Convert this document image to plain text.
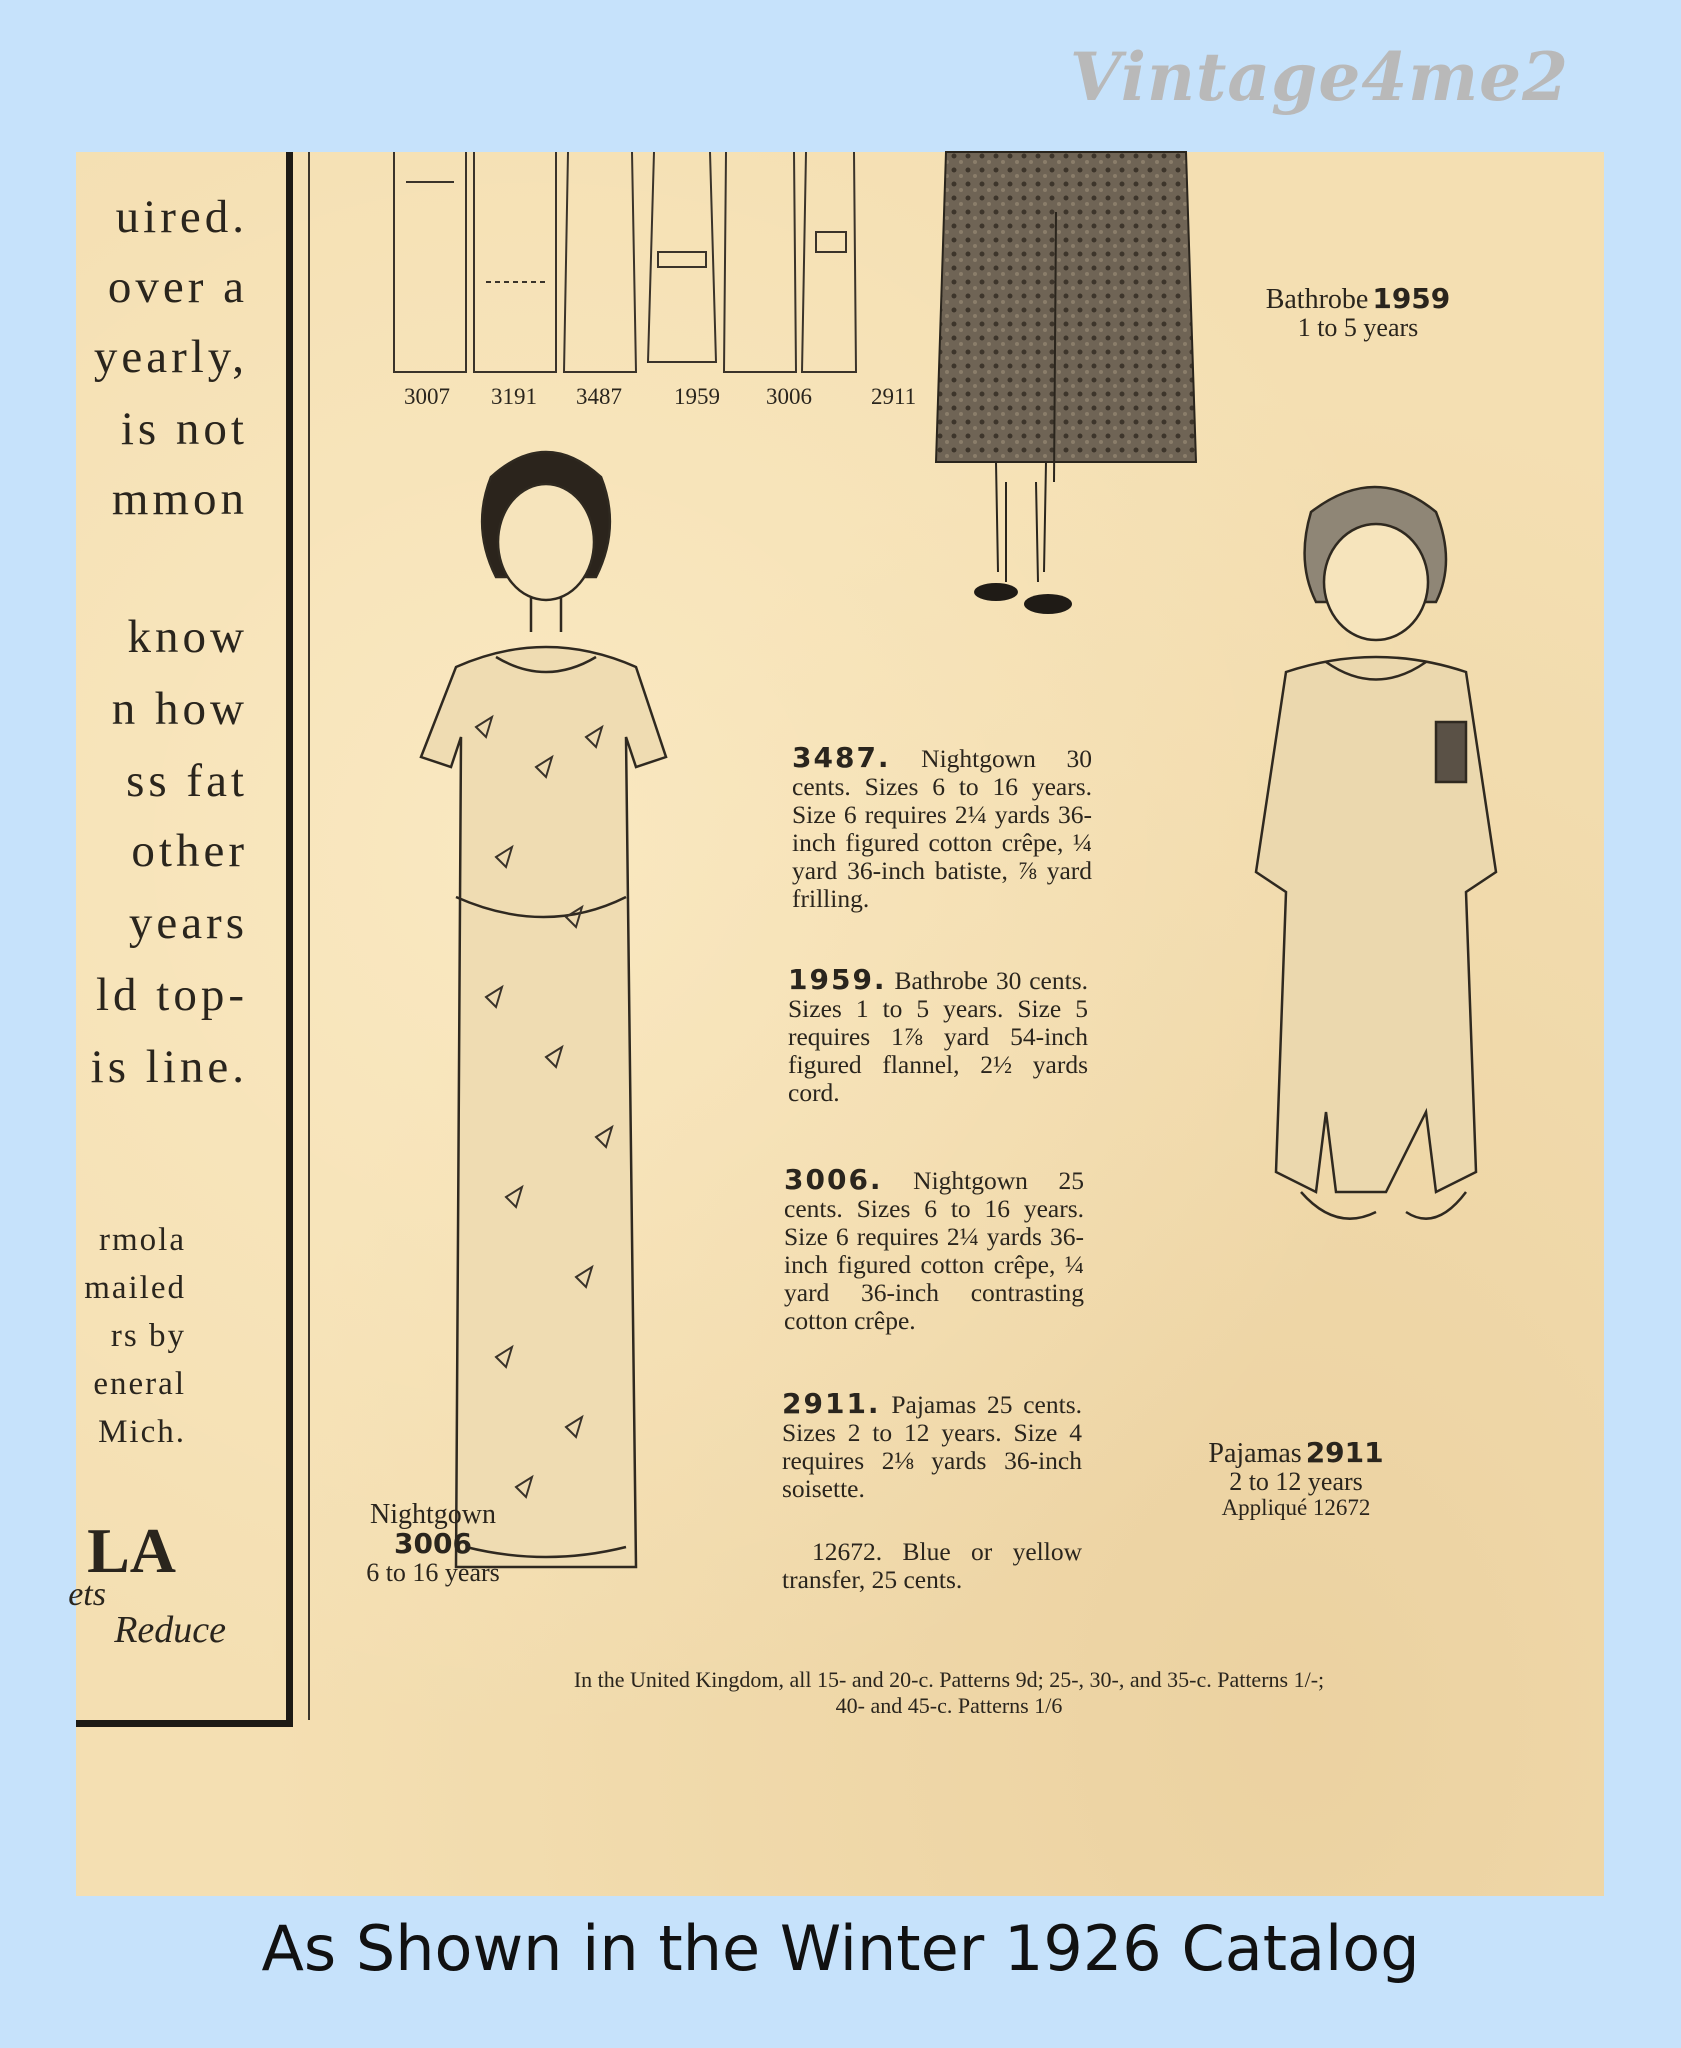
Vintage4me2
uired.
over a
yearly,
is not
mmon
know
n how
ss fat
other
years
ld top-
is line.
rmola
mailed
rs by
eneral
Mich.
LA
ets
Reduce
3007 3191 3487 1959 3006	2911
Bathrobe 1959
1 to 5 years
Nightgown
3006
6 to 16 years
Pajamas 2911
2 to 12 years
Appliqué 12672
3487. Nightgown 30 cents. Sizes 6 to 16 years. Size 6 requires 2¼ yards 36-inch figured cotton crêpe, ¼ yard 36-inch batiste, ⅞ yard frilling.
1959. Bathrobe 30 cents. Sizes 1 to 5 years. Size 5 requires 1⅞ yard 54-inch figured flannel, 2½ yards cord.
3006. Nightgown 25 cents. Sizes 6 to 16 years. Size 6 requires 2¼ yards 36-inch figured cotton crêpe, ¼ yard 36-inch contrasting cotton crêpe.
2911. Pajamas 25 cents. Sizes 2 to 12 years. Size 4 requires 2⅛ yards 36-inch soisette.
12672. Blue or yellow transfer, 25 cents.
In the United Kingdom, all 15- and 20-c. Patterns 9d; 25-, 30-, and 35-c. Patterns 1/-;
40- and 45-c. Patterns 1/6
As Shown in the Winter 1926 Catalog
